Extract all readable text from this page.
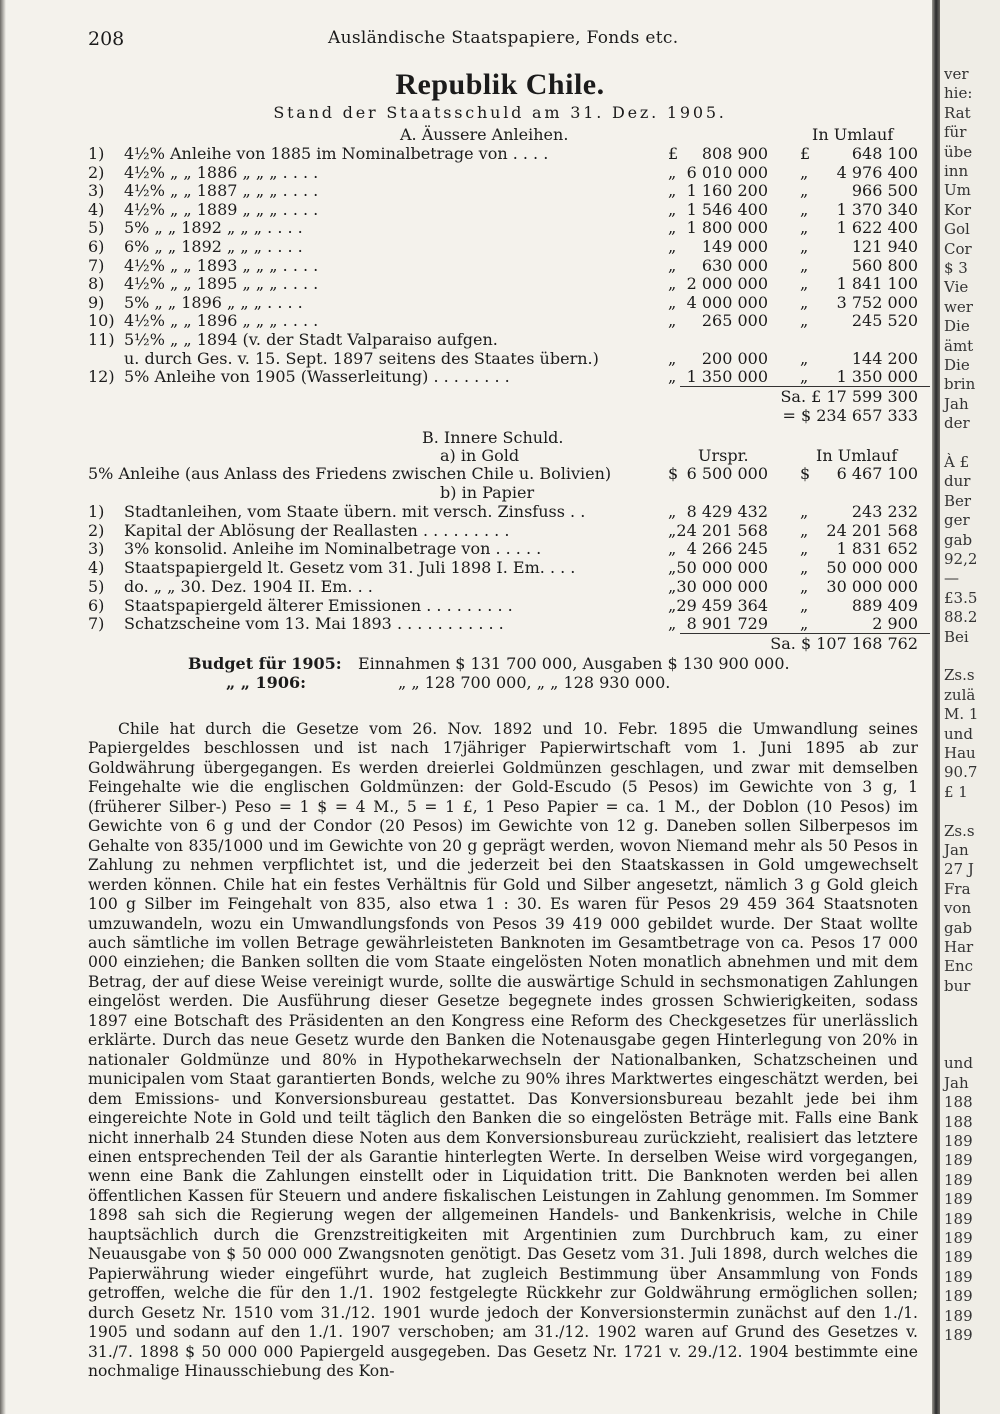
208	Ausländische Staatspapiere, Fonds etc.
Republik Chile.
Stand der Staatsschuld am 31. Dez. 1905.
A. Äussere Anleihen.	In Umlauf
1) 4½% Anleihe von 1885 im Nominalbetrage von . . . .	£ 808 900 £	648 100
2) 4½% „ „ 1886 „ „ „ . . . .	„ 6 010 000 „ 4 976 400
3) 4½% „ „ 1887 „ „ „ . . . .	„ 1 160 200 „	966 500
4) 4½% „ „ 1889 „ „ „ . . . .	„ 1 546 400 „ 1 370 340
5) 5% „ „ 1892 „ „ „ . . . .	„ 1 800 000 „ 1 622 400
6) 6% „ „ 1892 „ „ „ . . . .	„ 149 000 „	121 940
7) 4½% „ „ 1893 „ „ „ . . . .	„ 630 000 „	560 800
8) 4½% „ „ 1895 „ „ „ . . . .	„ 2 000 000 „ 1 841 100
9) 5% „ „ 1896 „ „ „ . . . .	„ 4 000 000 „ 3 752 000
10) 4½% „ „ 1896 „ „ „ . . . .	„ 265 000 „	245 520
11) 5½% „ „ 1894 (v. der Stadt Valparaiso aufgen.
u. durch Ges. v. 15. Sept. 1897 seitens des Staates übern.)	„ 200 000 „	144 200
12) 5% Anleihe von 1905 (Wasserleitung) . . . . . . . .	„ 1 350 000 „ 1 350 000
Sa. £ 17 599 300
= $ 234 657 333
B. Innere Schuld.
a) in Gold	Urspr.	In Umlauf
5% Anleihe (aus Anlass des Friedens zwischen Chile u. Bolivien)	$ 6 500 000 $ 6 467 100
b) in Papier
1) Stadtanleihen, vom Staate übern. mit versch. Zinsfuss . .	„ 8 429 432 „	243 232
2) Kapital der Ablösung der Reallasten . . . . . . . . .	„ 24 201 568 „ 24 201 568
3) 3% konsolid. Anleihe im Nominalbetrage von . . . . .	„ 4 266 245 „ 1 831 652
4) Staatspapiergeld lt. Gesetz vom 31. Juli 1898 I. Em. . . .	„ 50 000 000 „ 50 000 000
5) do. „ „ 30. Dez. 1904 II. Em. . .	„ 30 000 000 „ 30 000 000
6) Staatspapiergeld älterer Emissionen . . . . . . . . .	„ 29 459 364 „	889 409
7) Schatzscheine vom 13. Mai 1893 . . . . . . . . . . .	„ 8 901 729 „	2 900
Sa. $ 107 168 762
Budget für 1905: Einnahmen $ 131 700 000, Ausgaben $ 130 900 000.
„ „ 1906:	„ „ 128 700 000, „ „ 128 930 000.

Chile hat durch die Gesetze vom 26. Nov. 1892 und 10. Febr. 1895 die Umwandlung seines Papiergeldes beschlossen und ist nach 17jähriger Papierwirtschaft vom 1. Juni 1895 ab zur Goldwährung übergegangen. Es werden dreierlei Goldmünzen geschlagen, und zwar mit demselben Feingehalte wie die englischen Goldmünzen: der Gold-Escudo (5 Pesos) im Gewichte von 3 g, 1 (früherer Silber-) Peso = 1 $ = 4 M., 5 = 1 £, 1 Peso Papier = ca. 1 M., der Doblon (10 Pesos) im Gewichte von 6 g und der Condor (20 Pesos) im Gewichte von 12 g. Daneben sollen Silberpesos im Gehalte von 835/1000 und im Gewichte von 20 g geprägt werden, wovon Niemand mehr als 50 Pesos in Zahlung zu nehmen verpflichtet ist, und die jederzeit bei den Staatskassen in Gold umgewechselt werden können. Chile hat ein festes Verhältnis für Gold und Silber angesetzt, nämlich 3 g Gold gleich 100 g Silber im Feingehalt von 835, also etwa 1 : 30. Es waren für Pesos 29 459 364 Staatsnoten umzuwandeln, wozu ein Umwandlungsfonds von Pesos 39 419 000 gebildet wurde. Der Staat wollte auch sämtliche im vollen Betrage gewährleisteten Banknoten im Gesamtbetrage von ca. Pesos 17 000 000 einziehen; die Banken sollten die vom Staate eingelösten Noten monatlich abnehmen und mit dem Betrag, der auf diese Weise vereinigt wurde, sollte die auswärtige Schuld in sechsmonatigen Zahlungen eingelöst werden. Die Ausführung dieser Gesetze begegnete indes grossen Schwierigkeiten, sodass 1897 eine Botschaft des Präsidenten an den Kongress eine Reform des Checkgesetzes für unerlässlich erklärte. Durch das neue Gesetz wurde den Banken die Notenausgabe gegen Hinterlegung von 20% in nationaler Goldmünze und 80% in Hypothekarwechseln der Nationalbanken, Schatzscheinen und municipalen vom Staat garantierten Bonds, welche zu 90% ihres Marktwertes eingeschätzt werden, bei dem Emissions- und Konversionsbureau gestattet. Das Konversionsbureau bezahlt jede bei ihm eingereichte Note in Gold und teilt täglich den Banken die so eingelösten Beträge mit. Falls eine Bank nicht innerhalb 24 Stunden diese Noten aus dem Konversionsbureau zurückzieht, realisiert das letztere einen entsprechenden Teil der als Garantie hinterlegten Werte. In derselben Weise wird vorgegangen, wenn eine Bank die Zahlungen einstellt oder in Liquidation tritt. Die Banknoten werden bei allen öffentlichen Kassen für Steuern und andere fiskalischen Leistungen in Zahlung genommen. Im Sommer 1898 sah sich die Regierung wegen der allgemeinen Handels- und Bankenkrisis, welche in Chile hauptsächlich durch die Grenzstreitigkeiten mit Argentinien zum Durchbruch kam, zu einer Neuausgabe von $ 50 000 000 Zwangsnoten genötigt. Das Gesetz vom 31. Juli 1898, durch welches die Papierwährung wieder eingeführt wurde, hat zugleich Bestimmung über Ansammlung von Fonds getroffen, welche die für den 1./1. 1902 festgelegte Rückkehr zur Goldwährung ermöglichen sollen; durch Gesetz Nr. 1510 vom 31./12. 1901 wurde jedoch der Konversionstermin zunächst auf den 1./1. 1905 und sodann auf den 1./1. 1907 verschoben; am 31./12. 1902 waren auf Grund des Gesetzes v. 31./7. 1898 $ 50 000 000 Papiergeld ausgegeben. Das Gesetz Nr. 1721 v. 29./12. 1904 bestimmte eine nochmalige Hinausschiebung des Kon-

ver
hie:
Rat
für
übe
inn
Um
Kor
Gol
Cor
$ 3
Vie
wer
Die
ämt
Die
brin
Jah
der
À £
dur
Ber
ger
gab
92,2
—
£3.5
88.2
Bei
Zs.s
zulä
M. 1
und
Hau
90.7
£ 1
Zs.s
Jan
27 J
Fra
von
gab
Har
Enc
bur
und
Jah
188
188
189
189
189
189
189
189
189
189
189
189
189
